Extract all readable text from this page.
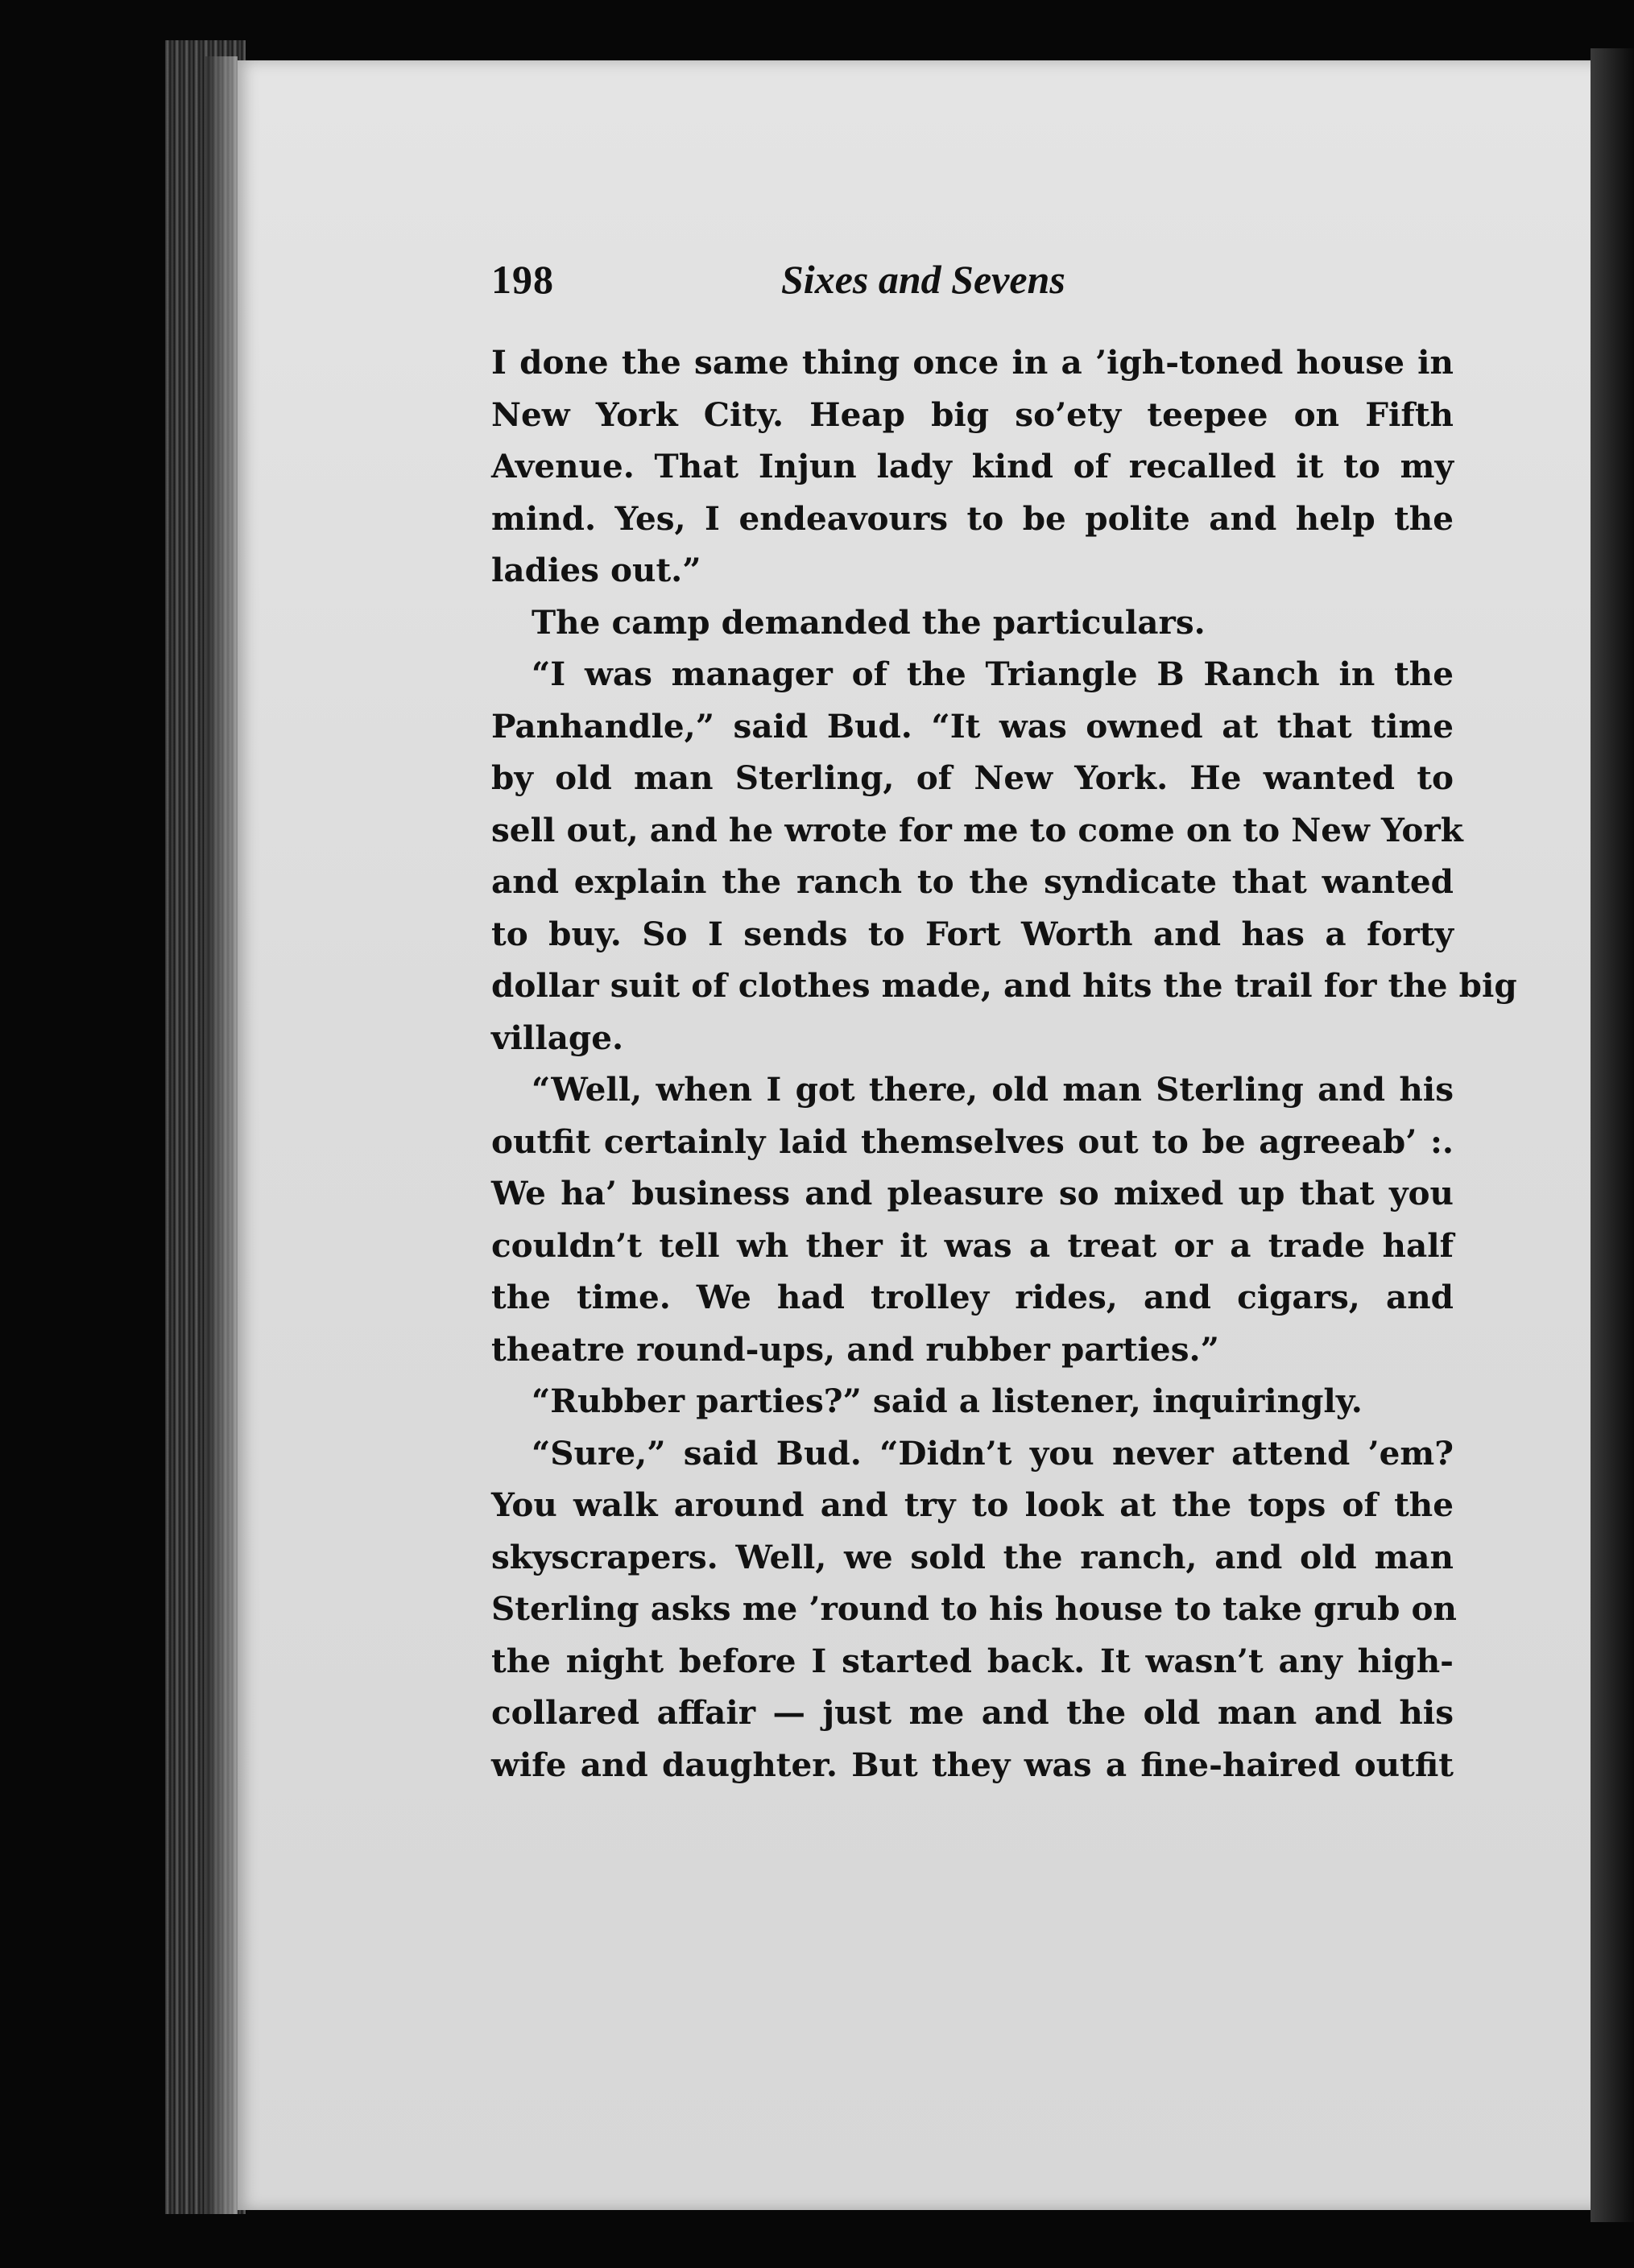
198	Sixes and Sevens
I done the same thing once in a ’igh-toned house in
New York City. Heap big so’ety teepee on Fifth
Avenue. That Injun lady kind of recalled it to my
mind. Yes, I endeavours to be polite and help the
ladies out.”
The camp demanded the particulars.
“I was manager of the Triangle B Ranch in the
Panhandle,” said Bud. “It was owned at that time
by old man Sterling, of New York. He wanted to
sell out, and he wrote for me to come on to New York
and explain the ranch to the syndicate that wanted
to buy. So I sends to Fort Worth and has a forty
dollar suit of clothes made, and hits the trail for the big
village.
“Well, when I got there, old man Sterling and his
outfit certainly laid themselves out to be agreeab’ :.
We ha’ business and pleasure so mixed up that you
couldn’t tell wh ther it was a treat or a trade half
the time. We had trolley rides, and cigars, and
theatre round-ups, and rubber parties.”
“Rubber parties?” said a listener, inquiringly.
“Sure,” said Bud. “Didn’t you never attend ’em?
You walk around and try to look at the tops of the
skyscrapers. Well, we sold the ranch, and old man
Sterling asks me ’round to his house to take grub on
the night before I started back. It wasn’t any high-
collared affair — just me and the old man and his
wife and daughter. But they was a fine-haired outfit
